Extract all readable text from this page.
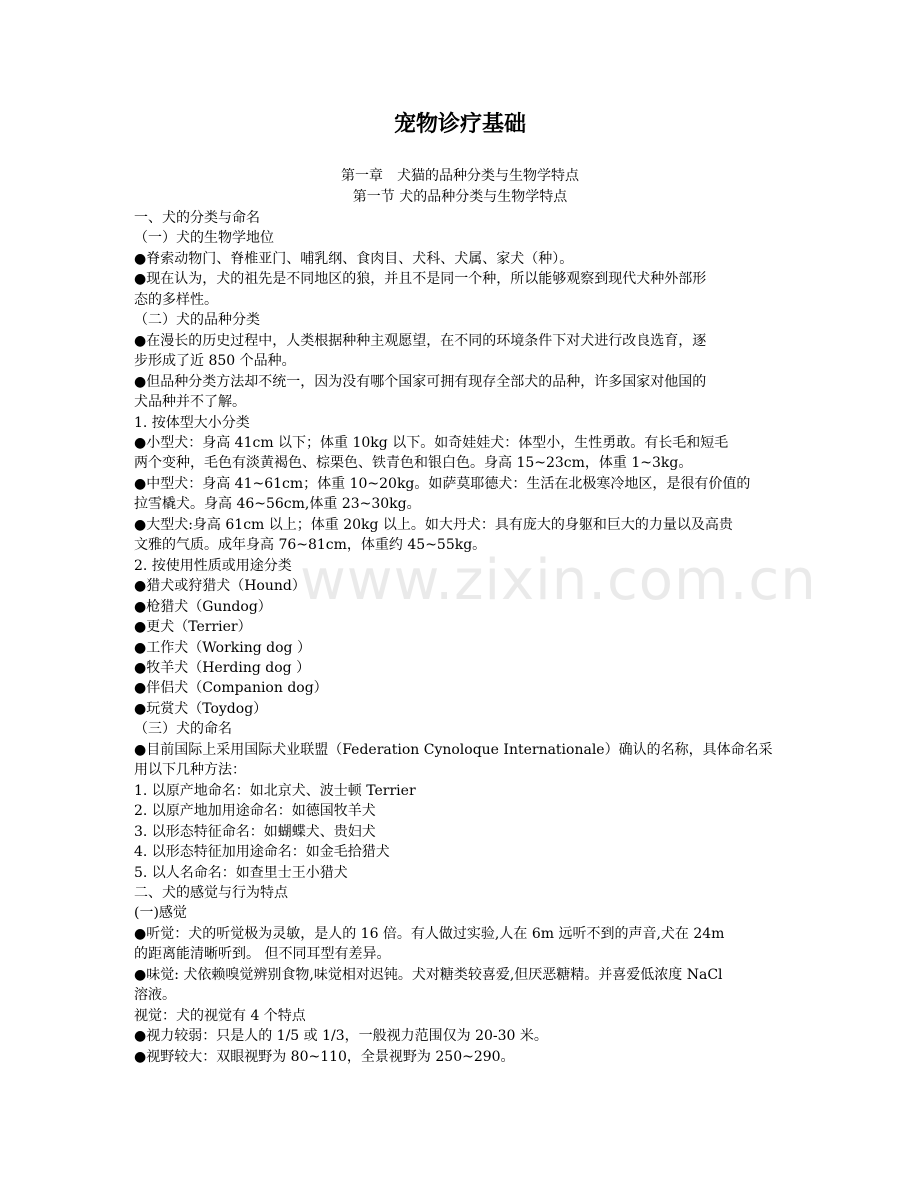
宠物诊疗基础
第一章　犬猫的品种分类与生物学特点
第一节 犬的品种分类与生物学特点
一、犬的分类与命名
（一）犬的生物学地位
●脊索动物门、脊椎亚门、哺乳纲、食肉目、犬科、犬属、家犬（种）。
●现在认为，犬的祖先是不同地区的狼，并且不是同一个种，所以能够观察到现代犬种外部形
态的多样性。
（二）犬的品种分类
●在漫长的历史过程中，人类根据种种主观愿望，在不同的环境条件下对犬进行改良选育，逐
步形成了近 850 个品种。
●但品种分类方法却不统一，因为没有哪个国家可拥有现存全部犬的品种，许多国家对他国的
犬品种并不了解。
1. 按体型大小分类
●小型犬：身高 41cm 以下；体重 10kg 以下。如奇娃娃犬：体型小，生性勇敢。有长毛和短毛
两个变种，毛色有淡黄褐色、棕栗色、铁青色和银白色。身高 15~23cm，体重 1~3kg。
●中型犬：身高 41~61cm；体重 10~20kg。如萨莫耶德犬：生活在北极寒冷地区，是很有价值的
拉雪橇犬。身高 46~56cm,体重 23~30kg。
●大型犬:身高 61cm 以上；体重 20kg 以上。如大丹犬：具有庞大的身躯和巨大的力量以及高贵
文雅的气质。成年身高 76~81cm，体重约 45~55kg。
2. 按使用性质或用途分类
●猎犬或狩猎犬（Hound）
●枪猎犬（Gundog）
●更犬（Terrier）
●工作犬（Working dog ）
●牧羊犬（Herding dog ）
●伴侣犬（Companion dog）
●玩赏犬（Toydog）
（三）犬的命名
●目前国际上采用国际犬业联盟（Federation Cynoloque Internationale）确认的名称，具体命名采
用以下几种方法：
1. 以原产地命名：如北京犬、波士顿 Terrier
2. 以原产地加用途命名：如德国牧羊犬
3. 以形态特征命名：如蝴蝶犬、贵妇犬
4. 以形态特征加用途命名：如金毛拾猎犬
5. 以人名命名：如查里士王小猎犬
二、犬的感觉与行为特点
(一)感觉
●听觉：犬的听觉极为灵敏，是人的 16 倍。有人做过实验,人在 6m 远听不到的声音,犬在 24m
的距离能清晰听到。 但不同耳型有差异。
●味觉: 犬依赖嗅觉辨别食物,味觉相对迟钝。犬对糖类较喜爱,但厌恶糖精。并喜爱低浓度 NaCl
溶液。
视觉：犬的视觉有 4 个特点
●视力较弱：只是人的 1/5 或 1/3，一般视力范围仅为 20-30 米。
●视野较大：双眼视野为 80~110，全景视野为 250~290。
www.zixin.com.cn
